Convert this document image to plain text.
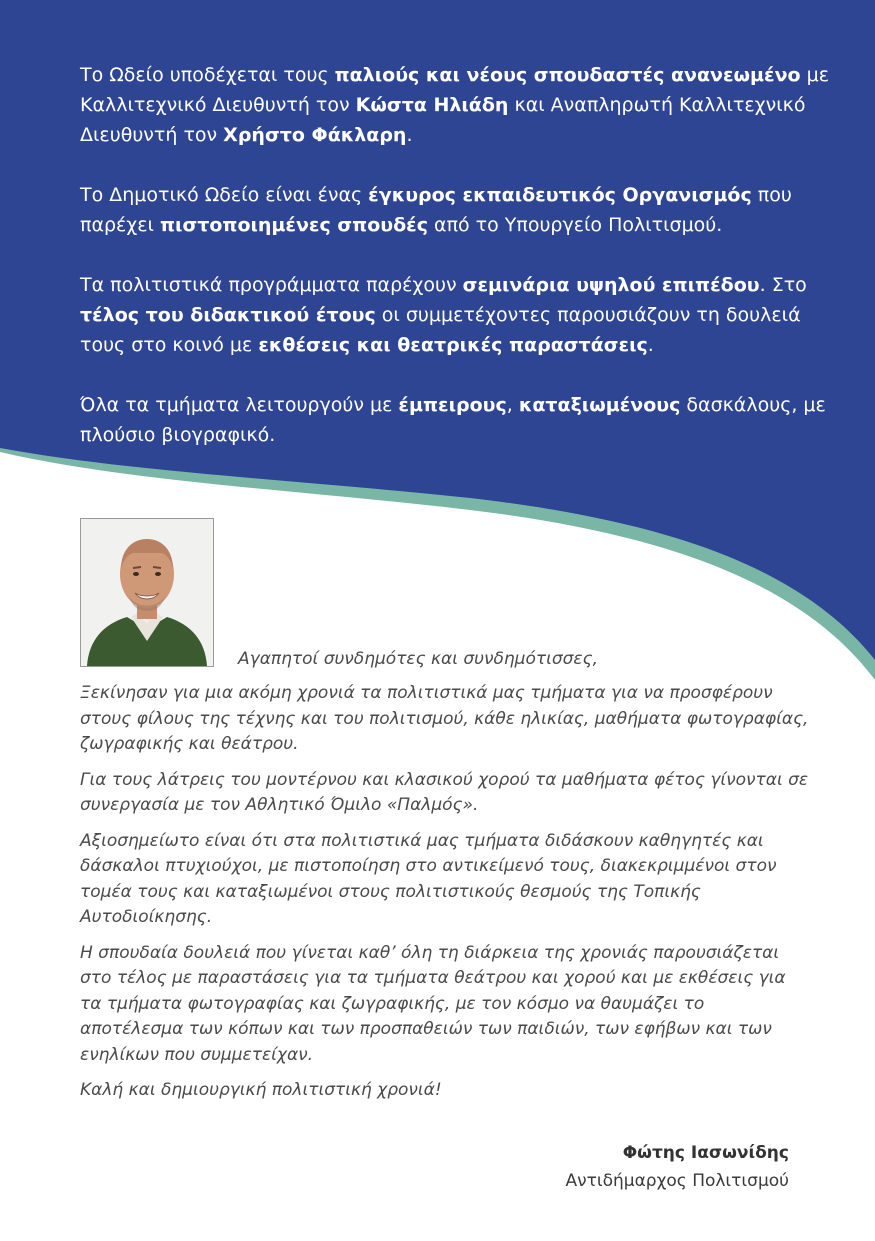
Το Ωδείο υποδέχεται τους παλιούς και νέους σπουδαστές ανανεωμένο με Καλλιτεχνικό Διευθυντή τον Κώστα Ηλιάδη και Αναπληρωτή Καλλιτεχνικό Διευθυντή τον Χρήστο Φάκλαρη.

Το Δημοτικό Ωδείο είναι ένας έγκυρος εκπαιδευτικός Οργανισμός που παρέχει πιστοποιημένες σπουδές από το Υπουργείο Πολιτισμού.

Τα πολιτιστικά προγράμματα παρέχουν σεμινάρια υψηλού επιπέδου. Στο τέλος του διδακτικού έτους οι συμμετέχοντες παρουσιάζουν τη δουλειά τους στο κοινό με εκθέσεις και θεατρικές παραστάσεις.

Όλα τα τμήματα λειτουργούν με έμπειρους, καταξιωμένους δασκάλους, με πλούσιο βιογραφικό.

Αγαπητοί συνδημότες και συνδημότισσες,

Ξεκίνησαν για μια ακόμη χρονιά τα πολιτιστικά μας τμήματα για να προσφέρουν στους φίλους της τέχνης και του πολιτισμού, κάθε ηλικίας, μαθήματα φωτογραφίας, ζωγραφικής και θεάτρου.

Για τους λάτρεις του μοντέρνου και κλασικού χορού τα μαθήματα φέτος γίνονται σε συνεργασία με τον Αθλητικό Όμιλο «Παλμός».

Αξιοσημείωτο είναι ότι στα πολιτιστικά μας τμήματα διδάσκουν καθηγητές και δάσκαλοι πτυχιούχοι, με πιστοποίηση στο αντικείμενό τους, διακεκριμμένοι στον τομέα τους και καταξιωμένοι στους πολιτιστικούς θεσμούς της Τοπικής Αυτοδιοίκησης.

Η σπουδαία δουλειά που γίνεται καθ’ όλη τη διάρκεια της χρονιάς παρουσιάζεται στο τέλος με παραστάσεις για τα τμήματα θεάτρου και χορού και με εκθέσεις για τα τμήματα φωτογραφίας και ζωγραφικής, με τον κόσμο να θαυμάζει το αποτέλεσμα των κόπων και των προσπαθειών των παιδιών, των εφήβων και των ενηλίκων που συμμετείχαν.

Καλή και δημιουργική πολιτιστική χρονιά!

Φώτης Ιασωνίδης
Αντιδήμαρχος Πολιτισμού
